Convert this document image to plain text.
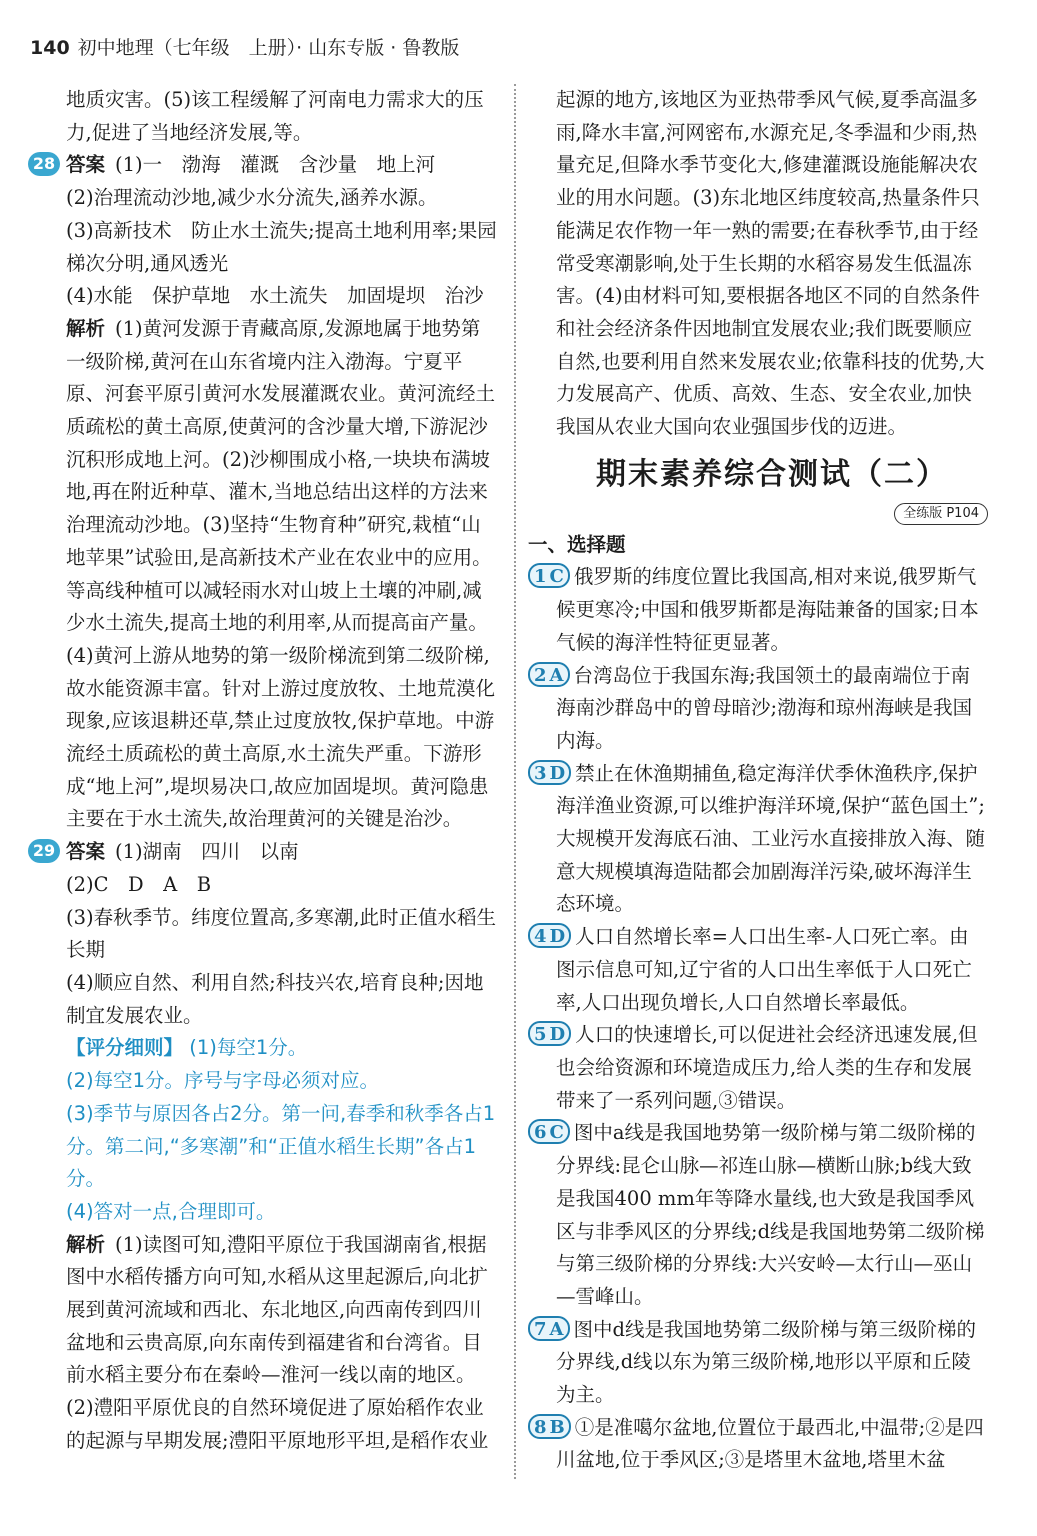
140 初中地理（七年级　上册）· 山东专版 · 鲁教版
地质灾害。(5)该工程缓解了河南电力需求大的压力,促进了当地经济发展,等。
28 答案 (1)一　渤海　灌溉　含沙量　地上河
(2)治理流动沙地,减少水分流失,涵养水源。
(3)高新技术　防止水土流失;提高土地利用率;果园梯次分明,通风透光
(4)水能　保护草地　水土流失　加固堤坝　治沙
解析 (1)黄河发源于青藏高原,发源地属于地势第一级阶梯,黄河在山东省境内注入渤海。宁夏平原、河套平原引黄河水发展灌溉农业。黄河流经土质疏松的黄土高原,使黄河的含沙量大增,下游泥沙沉积形成地上河。(2)沙柳围成小格,一块块布满坡地,再在附近种草、灌木,当地总结出这样的方法来治理流动沙地。(3)坚持“生物育种”研究,栽植“山地苹果”试验田,是高新技术产业在农业中的应用。等高线种植可以减轻雨水对山坡上土壤的冲刷,减少水土流失,提高土地的利用率,从而提高亩产量。(4)黄河上游从地势的第一级阶梯流到第二级阶梯,故水能资源丰富。针对上游过度放牧、土地荒漠化现象,应该退耕还草,禁止过度放牧,保护草地。中游流经土质疏松的黄土高原,水土流失严重。下游形成“地上河”,堤坝易决口,故应加固堤坝。黄河隐患主要在于水土流失,故治理黄河的关键是治沙。
29 答案 (1)湖南　四川　以南
(2)C　D　A　B
(3)春秋季节。纬度位置高,多寒潮,此时正值水稻生长期
(4)顺应自然、利用自然;科技兴农,培育良种;因地制宜发展农业。
【评分细则】 (1)每空1分。
(2)每空1分。序号与字母必须对应。
(3)季节与原因各占2分。第一问,春季和秋季各占1分。第二问,“多寒潮”和“正值水稻生长期”各占1分。
(4)答对一点,合理即可。
解析 (1)读图可知,澧阳平原位于我国湖南省,根据图中水稻传播方向可知,水稻从这里起源后,向北扩展到黄河流域和西北、东北地区,向西南传到四川盆地和云贵高原,向东南传到福建省和台湾省。目前水稻主要分布在秦岭—淮河一线以南的地区。(2)澧阳平原优良的自然环境促进了原始稻作农业的起源与早期发展;澧阳平原地形平坦,是稻作农业
起源的地方,该地区为亚热带季风气候,夏季高温多雨,降水丰富,河网密布,水源充足,冬季温和少雨,热量充足,但降水季节变化大,修建灌溉设施能解决农业的用水问题。(3)东北地区纬度较高,热量条件只能满足农作物一年一熟的需要;在春秋季节,由于经常受寒潮影响,处于生长期的水稻容易发生低温冻害。(4)由材料可知,要根据各地区不同的自然条件和社会经济条件因地制宜发展农业;我们既要顺应自然,也要利用自然来发展农业;依靠科技的优势,大力发展高产、优质、高效、生态、安全农业,加快我国从农业大国向农业强国步伐的迈进。
期末素养综合测试（二）
全练版 P104
一、选择题
1 C 俄罗斯的纬度位置比我国高,相对来说,俄罗斯气候更寒冷;中国和俄罗斯都是海陆兼备的国家;日本气候的海洋性特征更显著。
2 A 台湾岛位于我国东海;我国领土的最南端位于南海南沙群岛中的曾母暗沙;渤海和琼州海峡是我国内海。
3 D 禁止在休渔期捕鱼,稳定海洋伏季休渔秩序,保护海洋渔业资源,可以维护海洋环境,保护“蓝色国土”;大规模开发海底石油、工业污水直接排放入海、随意大规模填海造陆都会加剧海洋污染,破坏海洋生态环境。
4 D 人口自然增长率=人口出生率-人口死亡率。由图示信息可知,辽宁省的人口出生率低于人口死亡率,人口出现负增长,人口自然增长率最低。
5 D 人口的快速增长,可以促进社会经济迅速发展,但也会给资源和环境造成压力,给人类的生存和发展带来了一系列问题,③错误。
6 C 图中a线是我国地势第一级阶梯与第二级阶梯的分界线:昆仑山脉—祁连山脉—横断山脉;b线大致是我国400 mm年等降水量线,也大致是我国季风区与非季风区的分界线;d线是我国地势第二级阶梯与第三级阶梯的分界线:大兴安岭—太行山—巫山—雪峰山。
7 A 图中d线是我国地势第二级阶梯与第三级阶梯的分界线,d线以东为第三级阶梯,地形以平原和丘陵为主。
8 B ①是准噶尔盆地,位置位于最西北,中温带;②是四川盆地,位于季风区;③是塔里木盆地,塔里木盆
